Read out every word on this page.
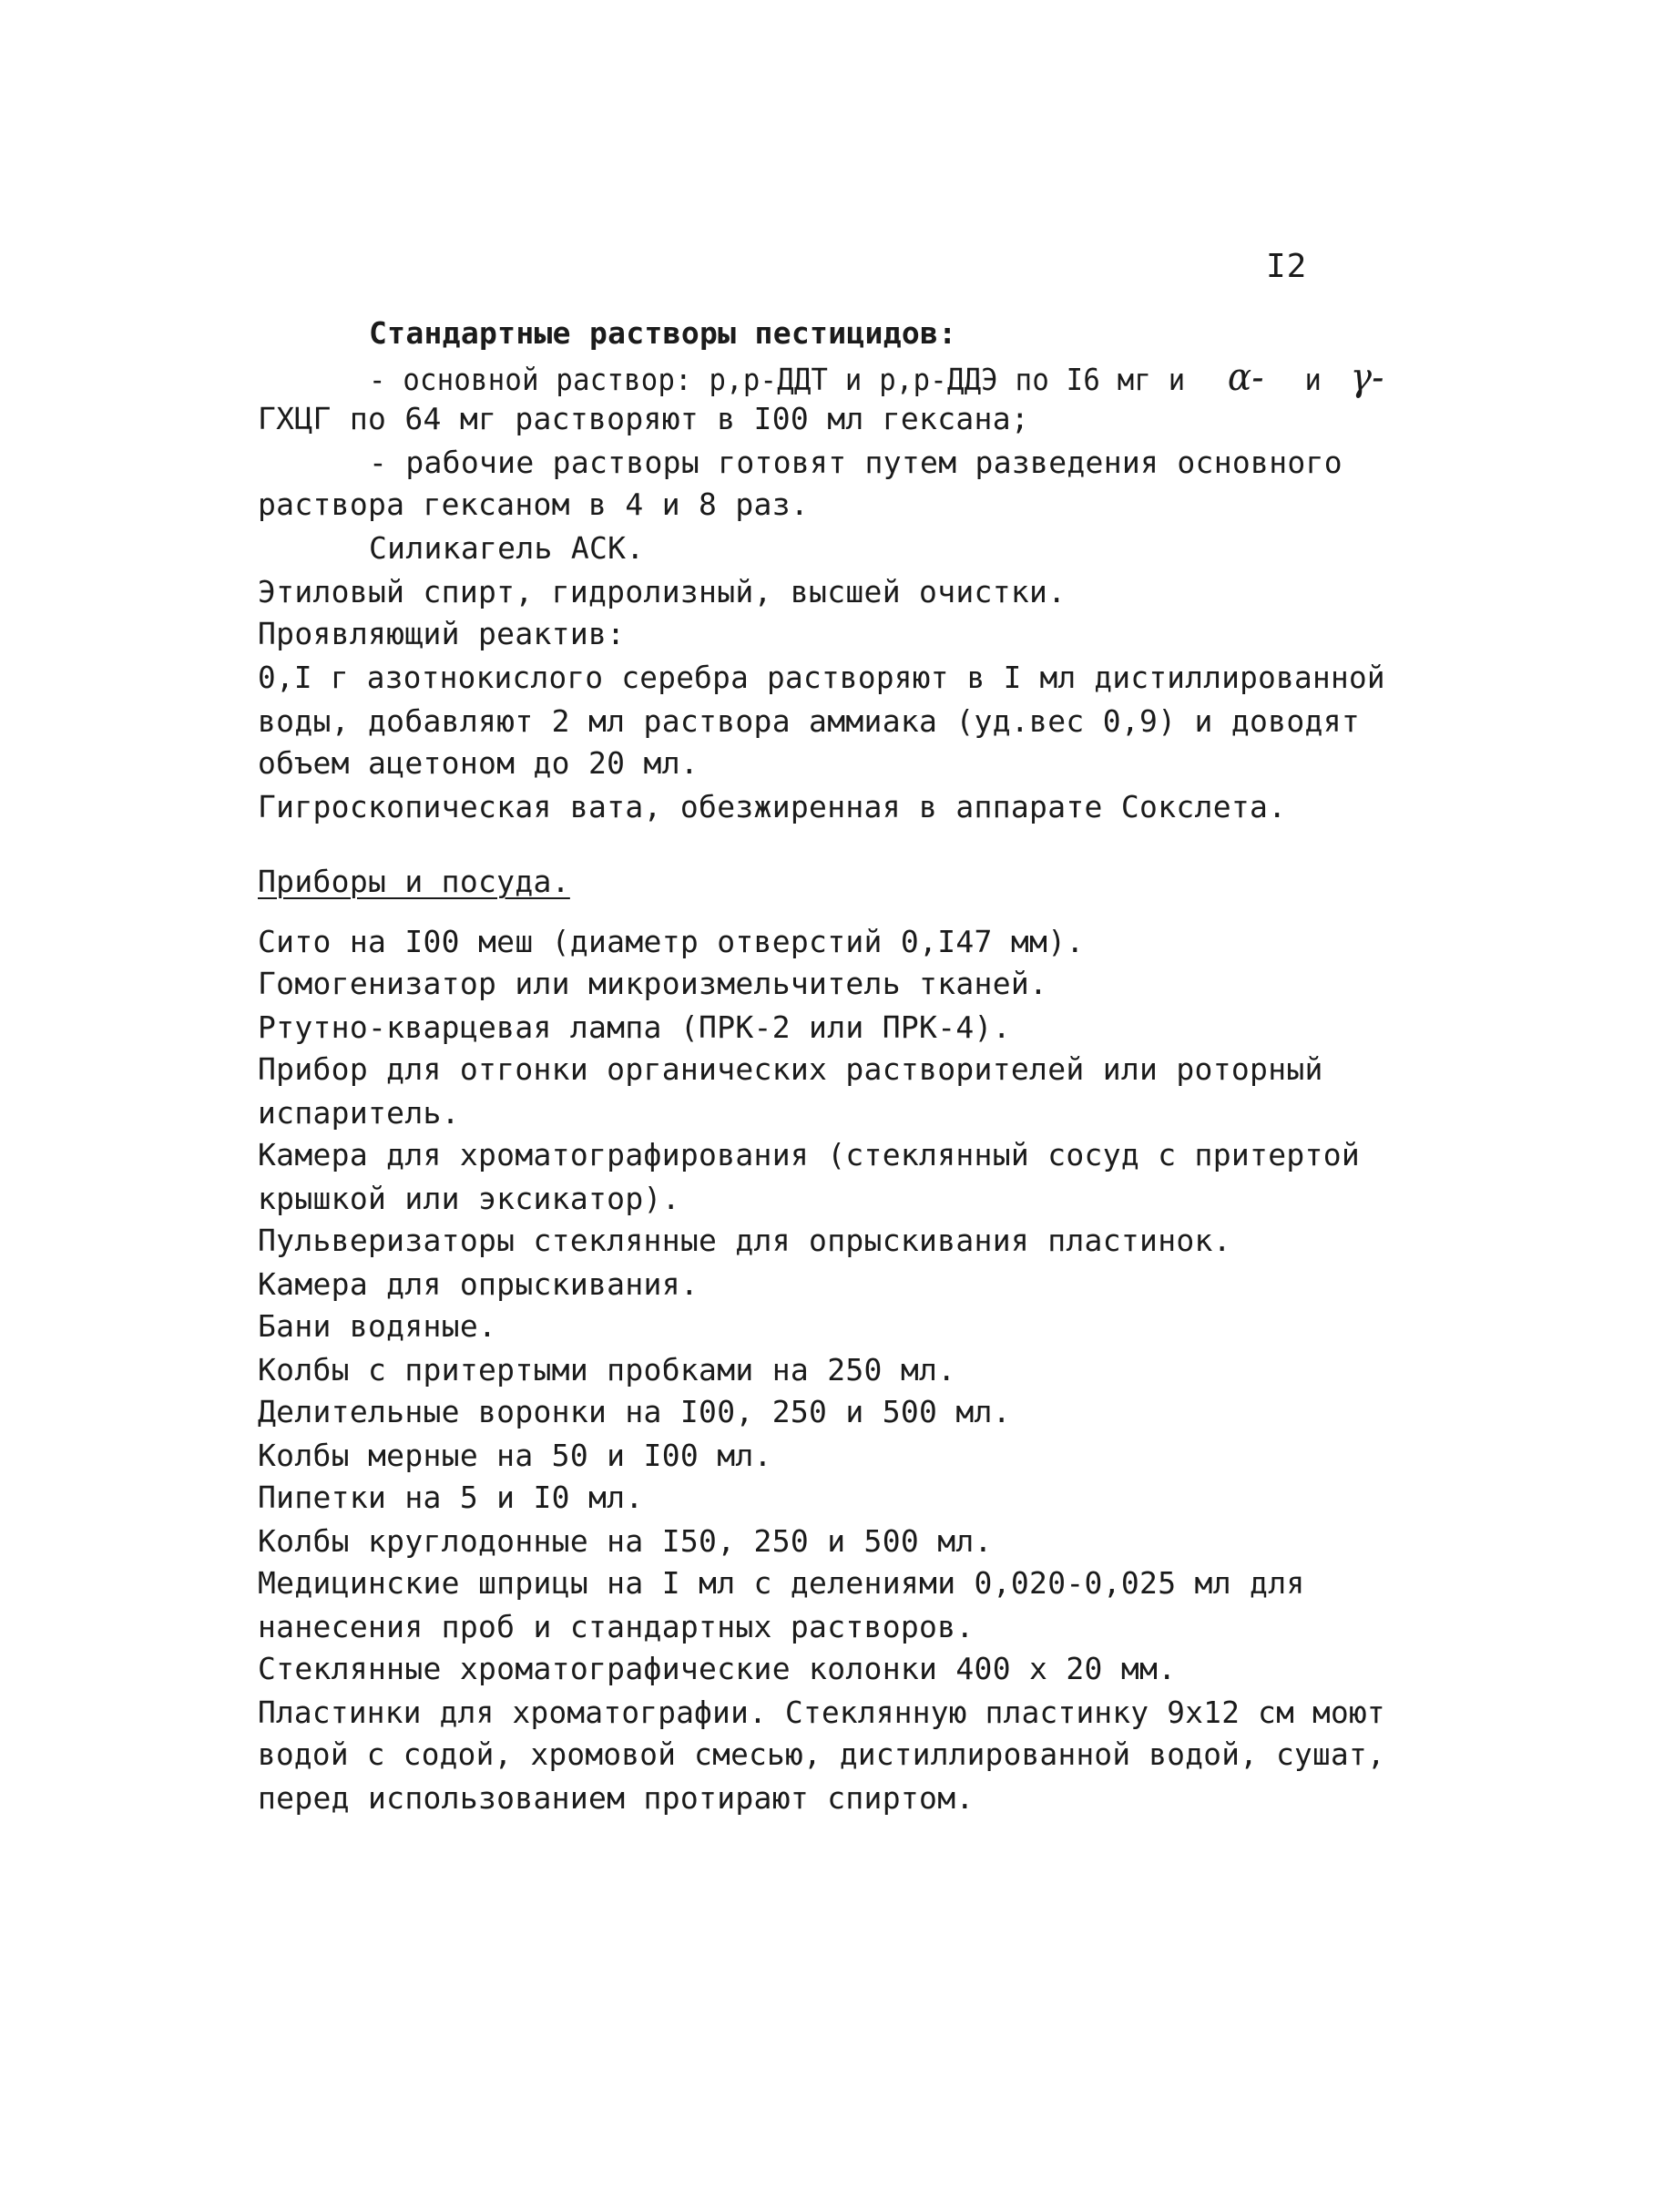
I2
Стандартные растворы пестицидов:
- основной раствор: р,р-ДДТ и р,р-ДДЭ по I6 мг и α- и γ-
ГХЦГ по 64 мг растворяют в I00 мл гексана;
- рабочие растворы готовят путем разведения основного
раствора гексаном в 4 и 8 раз.
Силикагель АСК.
Этиловый спирт, гидролизный, высшей очистки.
Проявляющий реактив:
0,I г азотнокислого серебра растворяют в I мл дистиллированной
воды, добавляют 2 мл раствора аммиака (уд.вес 0,9) и доводят
объем ацетоном до 20 мл.
Гигроскопическая вата, обезжиренная в аппарате Сокслета.
Приборы и посуда.
Сито на I00 меш (диаметр отверстий 0,I47 мм).
Гомогенизатор или микроизмельчитель тканей.
Ртутно-кварцевая лампа (ПРК-2 или ПРК-4).
Прибор для отгонки органических растворителей или роторный
испаритель.
Камера для хроматографирования (стеклянный сосуд с притертой
крышкой или эксикатор).
Пульверизаторы стеклянные для опрыскивания пластинок.
Камера для опрыскивания.
Бани водяные.
Колбы с притертыми пробками на 250 мл.
Делительные воронки на I00, 250 и 500 мл.
Колбы мерные на 50 и I00 мл.
Пипетки на 5 и I0 мл.
Колбы круглодонные на I50, 250 и 500 мл.
Медицинские шприцы на I мл с делениями 0,020-0,025 мл для
нанесения проб и стандартных растворов.
Стеклянные хроматографические колонки 400 х 20 мм.
Пластинки для хроматографии. Стеклянную пластинку 9х12 см моют
водой с содой, хромовой смесью, дистиллированной водой, сушат,
перед использованием протирают спиртом.
